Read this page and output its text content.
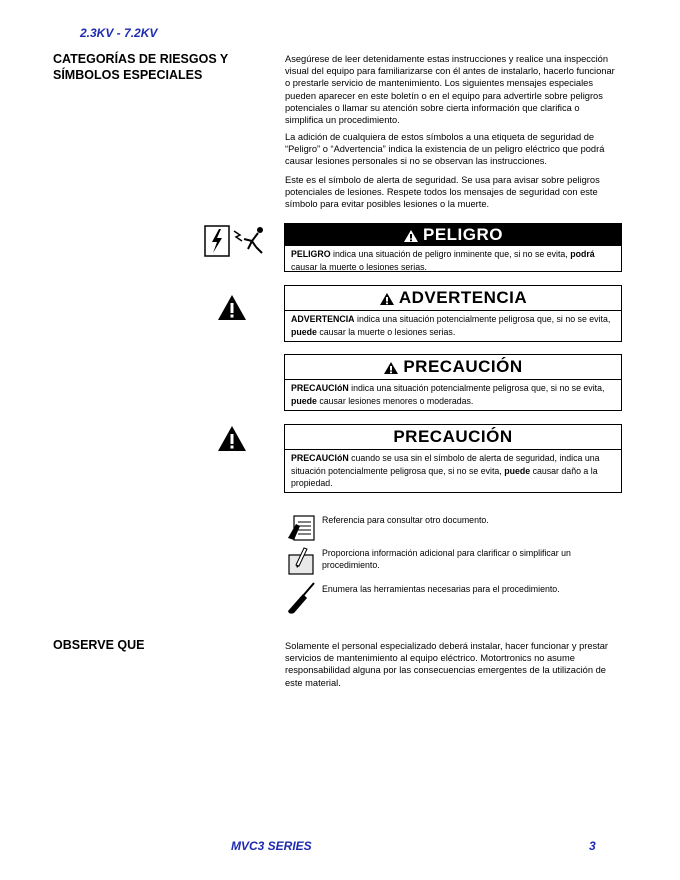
2.3KV - 7.2KV
CATEGORÍAS DE RIESGOS Y
SÍMBOLOS ESPECIALES

Asegúrese de leer detenidamente estas instrucciones y realice una inspección visual del equipo para familiarizarse con él antes de instalarlo, hacerlo funcionar o prestarle servicio de mantenimiento. Los siguientes mensajes especiales pueden aparecer en este boletín o en el equipo para advertirle sobre peligros potenciales o llamar su atención sobre cierta información que clarifica o simplifica un procedimiento.

La adición de cualquiera de estos símbolos a una etiqueta de seguridad de “Peligro” o “Advertencia” indica la existencia de un peligro eléctrico que podrá causar lesiones personales si no se observan las instrucciones.

Este es el símbolo de alerta de seguridad. Se usa para avisar sobre peligros potenciales de lesiones. Respete todos los mensajes de seguridad con este símbolo para evitar posibles lesiones o la muerte.

PELIGRO
PELIGRO indica una situación de peligro inminente que, si no se evita, podrá causar la muerte o lesiones serias.
ADVERTENCIA
ADVERTENCIA indica una situación potencialmente peligrosa que, si no se evita, puede causar la muerte o lesiones serias.
PRECAUCIÓN
PRECAUCIóN indica una situación potencialmente peligrosa que, si no se evita, puede causar lesiones menores o moderadas.
PRECAUCIÓN
PRECAUCIóN cuando se usa sin el símbolo de alerta de seguridad, indica una situación potencialmente peligrosa que, si no se evita, puede causar daño a la propiedad.
Referencia para consultar otro documento.
Proporciona información adicional para clarificar o simplificar un procedimiento.
Enumera las herramientas necesarias para el procedimiento.
OBSERVE QUE	Solamente el personal especializado deberá instalar, hacer funcionar y prestar servicios de mantenimiento al equipo eléctrico. Motortronics no asume responsabilidad alguna por las consecuencias emergentes de la utilización de este material.

MVC3 SERIES	3
